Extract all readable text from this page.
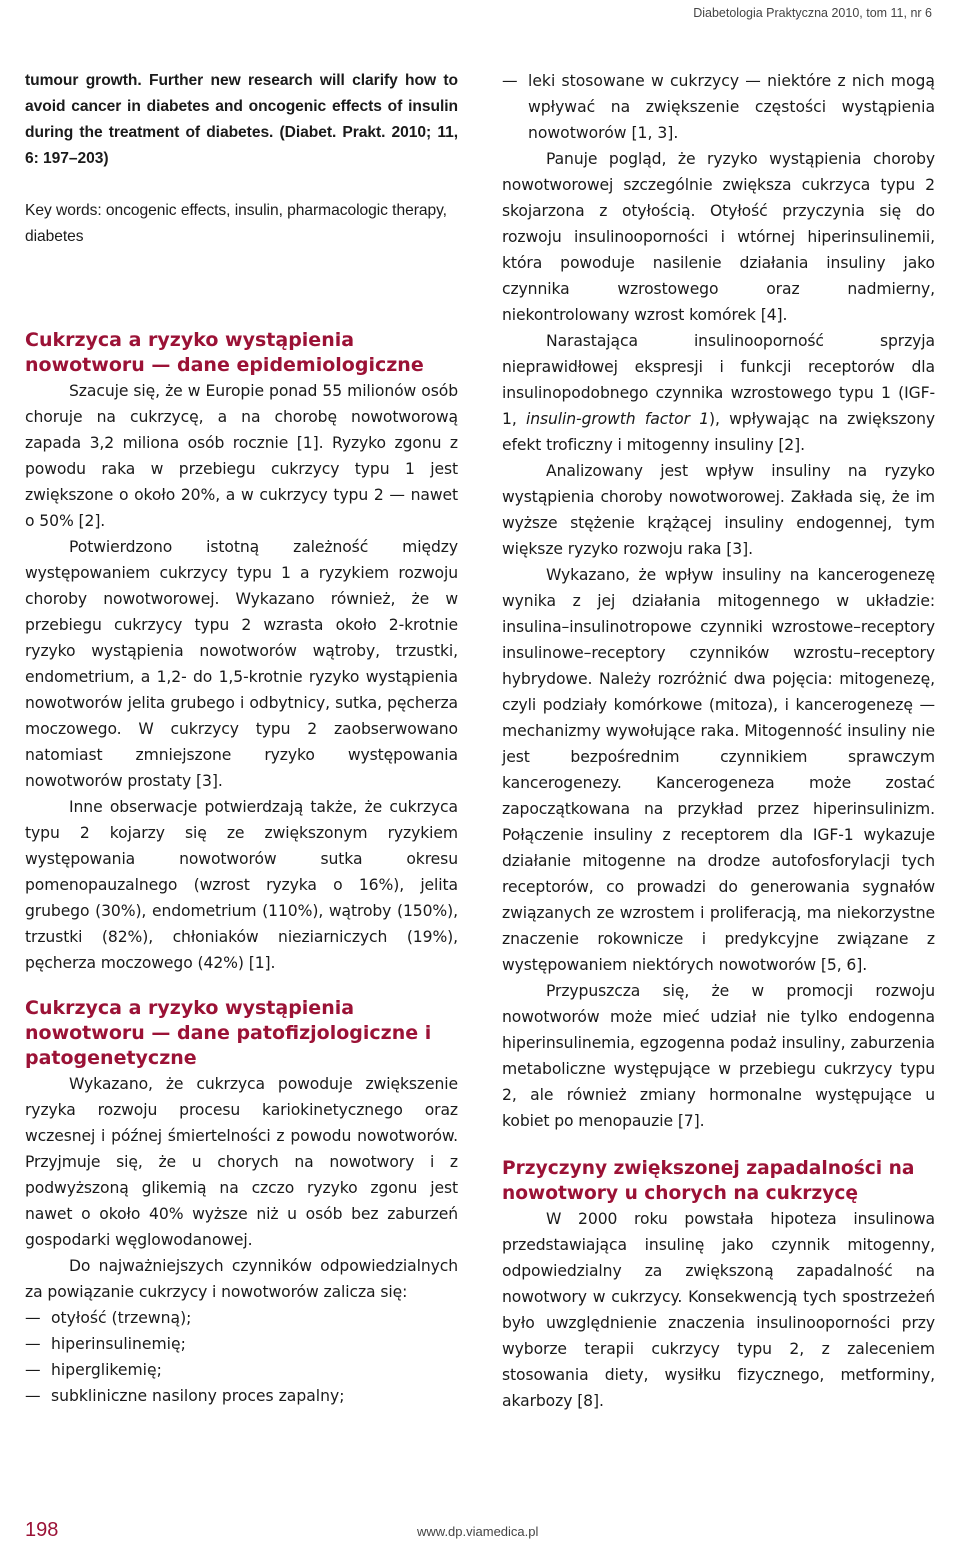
Diabetologia Praktyczna 2010, tom 11, nr 6

tumour growth. Further new research will clarify how to avoid cancer in diabetes and oncogenic effects of insulin during the treatment of diabetes. (Diabet. Prakt. 2010; 11, 6: 197–203)

Key words: oncogenic effects, insulin, pharmacologic therapy, diabetes

Cukrzyca a ryzyko wystąpienia nowotworu — dane epidemiologiczne

Szacuje się, że w Europie ponad 55 milionów osób choruje na cukrzycę, a na chorobę nowotworową zapada 3,2 miliona osób rocznie [1]. Ryzyko zgonu z powodu raka w przebiegu cukrzycy typu 1 jest zwiększone o około 20%, a w cukrzycy typu 2 — nawet o 50% [2].

Potwierdzono istotną zależność między występowaniem cukrzycy typu 1 a ryzykiem rozwoju choroby nowotworowej. Wykazano również, że w przebiegu cukrzycy typu 2 wzrasta około 2-krotnie ryzyko wystąpienia nowotworów wątroby, trzustki, endometrium, a 1,2- do 1,5-krotnie ryzyko wystąpienia nowotworów jelita grubego i odbytnicy, sutka, pęcherza moczowego. W cukrzycy typu 2 zaobserwowano natomiast zmniejszone ryzyko występowania nowotworów prostaty [3].

Inne obserwacje potwierdzają także, że cukrzyca typu 2 kojarzy się ze zwiększonym ryzykiem występowania nowotworów sutka okresu pomenopauzalnego (wzrost ryzyka o 16%), jelita grubego (30%), endometrium (110%), wątroby (150%), trzustki (82%), chłoniaków nieziarniczych (19%), pęcherza moczowego (42%) [1].

Cukrzyca a ryzyko wystąpienia nowotworu — dane patofizjologiczne i patogenetyczne

Wykazano, że cukrzyca powoduje zwiększenie ryzyka rozwoju procesu kariokinetycznego oraz wczesnej i późnej śmiertelności z powodu nowotworów. Przyjmuje się, że u chorych na nowotwory i z podwyższoną glikemią na czczo ryzyko zgonu jest nawet o około 40% wyższe niż u osób bez zaburzeń gospodarki węglowodanowej.

Do najważniejszych czynników odpowiedzialnych za powiązanie cukrzycy i nowotworów zalicza się:

— otyłość (trzewną);
— hiperinsulinemię;
— hiperglikemię;
— subkliniczne nasilony proces zapalny;
— leki stosowane w cukrzycy — niektóre z nich mogą wpływać na zwiększenie częstości wystąpienia nowotworów [1, 3].

Panuje pogląd, że ryzyko wystąpienia choroby nowotworowej szczególnie zwiększa cukrzyca typu 2 skojarzona z otyłością. Otyłość przyczynia się do rozwoju insulinooporności i wtórnej hiperinsulinemii, która powoduje nasilenie działania insuliny jako czynnika wzrostowego oraz nadmierny, niekontrolowany wzrost komórek [4].

Narastająca insulinooporność sprzyja nieprawidłowej ekspresji i funkcji receptorów dla insulinopodobnego czynnika wzrostowego typu 1 (IGF-1, insulin-growth factor 1), wpływając na zwiększony efekt troficzny i mitogenny insuliny [2].

Analizowany jest wpływ insuliny na ryzyko wystąpienia choroby nowotworowej. Zakłada się, że im wyższe stężenie krążącej insuliny endogennej, tym większe ryzyko rozwoju raka [3].

Wykazano, że wpływ insuliny na kancerogenezę wynika z jej działania mitogennego w układzie: insulina–insulinotropowe czynniki wzrostowe–receptory insulinowe–receptory czynników wzrostu–receptory hybrydowe. Należy rozróżnić dwa pojęcia: mitogenezę, czyli podziały komórkowe (mitoza), i kancerogenezę — mechanizmy wywołujące raka. Mitogenność insuliny nie jest bezpośrednim czynnikiem sprawczym kancerogenezy. Kancerogeneza może zostać zapoczątkowana na przykład przez hiperinsulinizm. Połączenie insuliny z receptorem dla IGF-1 wykazuje działanie mitogenne na drodze autofosforylacji tych receptorów, co prowadzi do generowania sygnałów związanych ze wzrostem i proliferacją, ma niekorzystne znaczenie rokownicze i predykcyjne związane z występowaniem niektórych nowotworów [5, 6].

Przypuszcza się, że w promocji rozwoju nowotworów może mieć udział nie tylko endogenna hiperinsulinemia, egzogenna podaż insuliny, zaburzenia metaboliczne występujące w przebiegu cukrzycy typu 2, ale również zmiany hormonalne występujące u kobiet po menopauzie [7].

Przyczyny zwiększonej zapadalności na nowotwory u chorych na cukrzycę

W 2000 roku powstała hipoteza insulinowa przedstawiająca insulinę jako czynnik mitogenny, odpowiedzialny za zwiększoną zapadalność na nowotwory w cukrzycy. Konsekwencją tych spostrzeżeń było uwzględnienie znaczenia insulinooporności przy wyborze terapii cukrzycy typu 2, z zaleceniem stosowania diety, wysiłku fizycznego, metforminy, akarbozy [8].

198	www.dp.viamedica.pl
